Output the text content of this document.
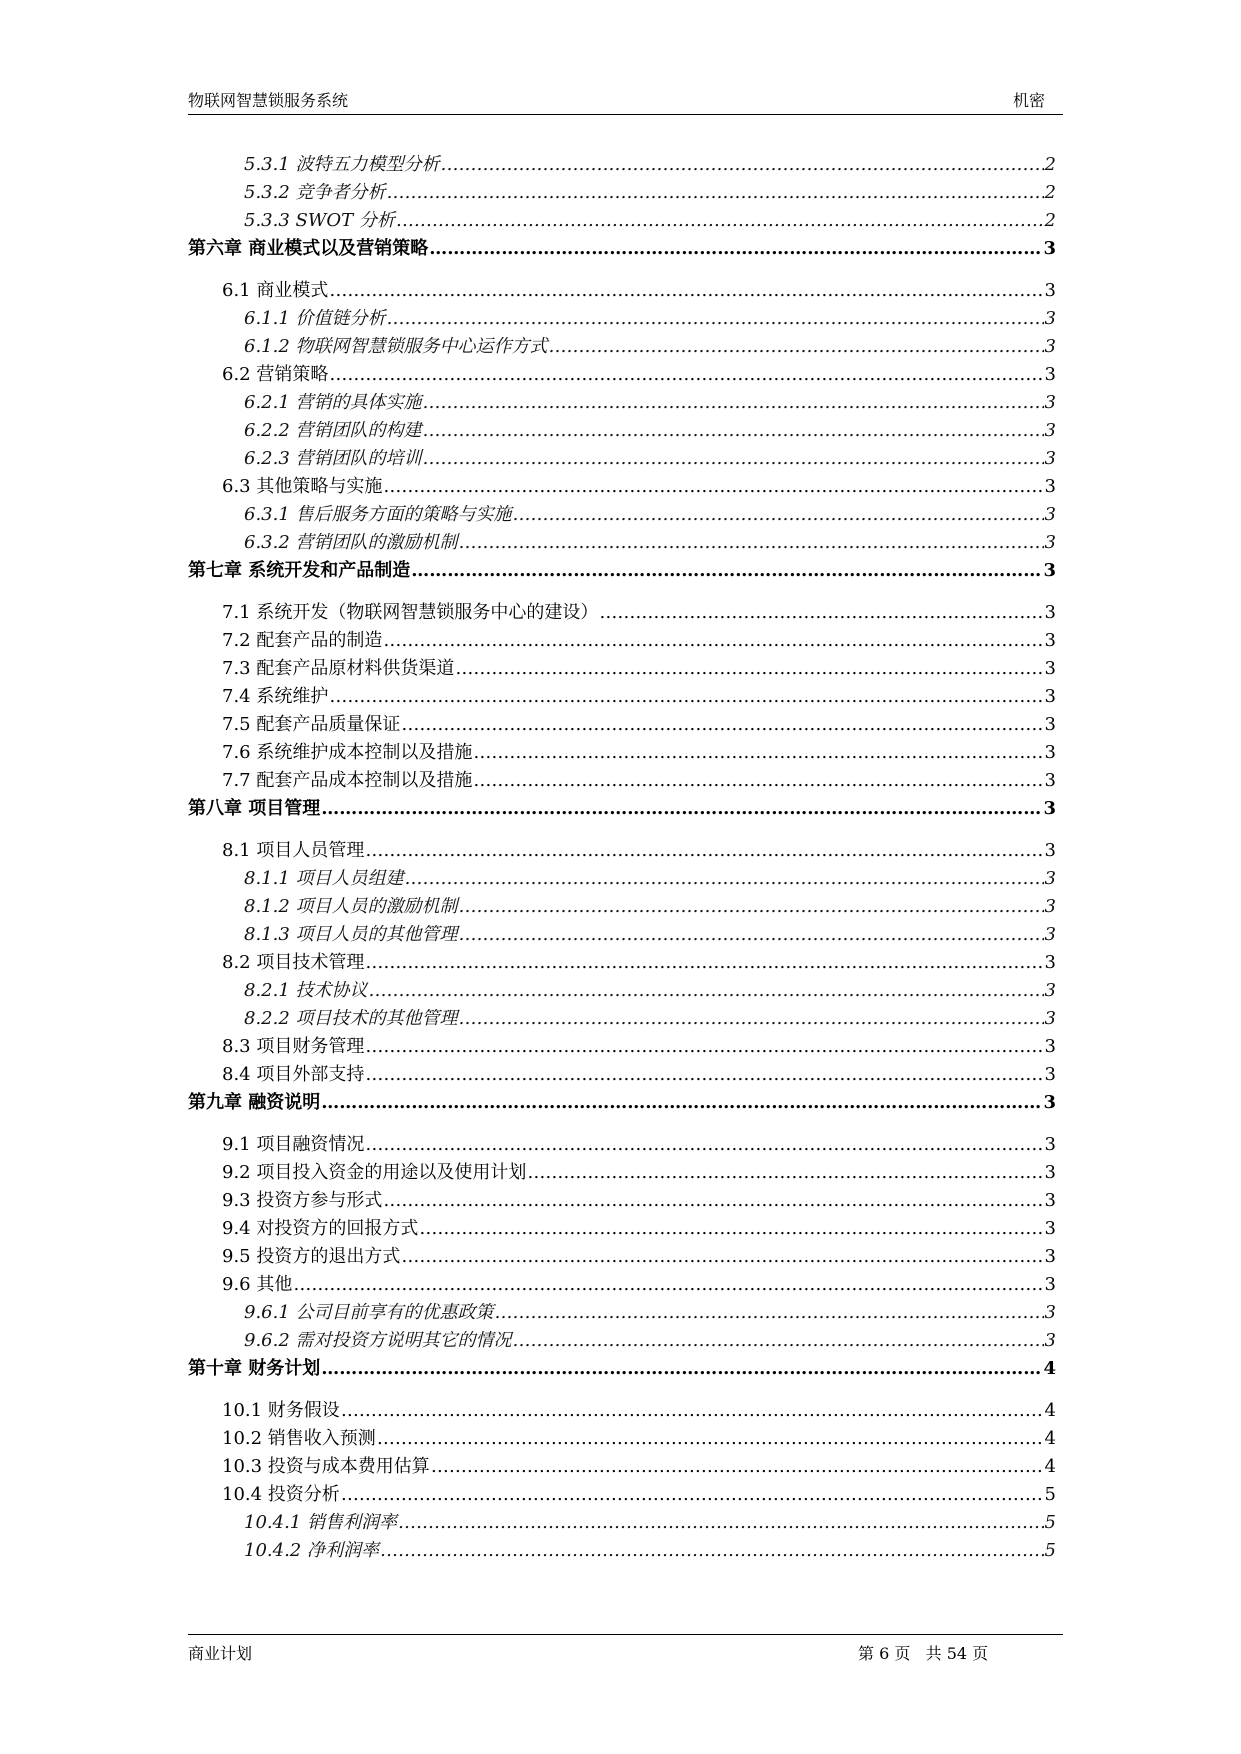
物联网智慧锁服务系统	机密
5.3.1 波特五力模型分析 ……………………………………………………………………………………………………………………………………………………………………………………………………………………………………	2
5.3.2 竞争者分析 ……………………………………………………………………………………………………………………………………………………………………………………………………………………………………	2
5.3.3 SWOT 分析 ……………………………………………………………………………………………………………………………………………………………………………………………………………………………………	2
第六章 商业模式以及营销策略 ……………………………………………………………………………………………………………………………………………………………………………………………………………………………………	3
6.1 商业模式 ……………………………………………………………………………………………………………………………………………………………………………………………………………………………………	3
6.1.1 价值链分析 ……………………………………………………………………………………………………………………………………………………………………………………………………………………………………	3
6.1.2 物联网智慧锁服务中心运作方式 ……………………………………………………………………………………………………………………………………………………………………………………………………………………………………	3
6.2 营销策略 ……………………………………………………………………………………………………………………………………………………………………………………………………………………………………	3
6.2.1 营销的具体实施 ……………………………………………………………………………………………………………………………………………………………………………………………………………………………………	3
6.2.2 营销团队的构建 ……………………………………………………………………………………………………………………………………………………………………………………………………………………………………	3
6.2.3 营销团队的培训 ……………………………………………………………………………………………………………………………………………………………………………………………………………………………………	3
6.3 其他策略与实施 ……………………………………………………………………………………………………………………………………………………………………………………………………………………………………	3
6.3.1 售后服务方面的策略与实施 ……………………………………………………………………………………………………………………………………………………………………………………………………………………………………	3
6.3.2 营销团队的激励机制 ……………………………………………………………………………………………………………………………………………………………………………………………………………………………………	3
第七章 系统开发和产品制造 ……………………………………………………………………………………………………………………………………………………………………………………………………………………………………	3
7.1 系统开发（物联网智慧锁服务中心的建设） ……………………………………………………………………………………………………………………………………………………………………………………………………………………………………	3
7.2 配套产品的制造 ……………………………………………………………………………………………………………………………………………………………………………………………………………………………………	3
7.3 配套产品原材料供货渠道 ……………………………………………………………………………………………………………………………………………………………………………………………………………………………………	3
7.4 系统维护 ……………………………………………………………………………………………………………………………………………………………………………………………………………………………………	3
7.5 配套产品质量保证 ……………………………………………………………………………………………………………………………………………………………………………………………………………………………………	3
7.6 系统维护成本控制以及措施 ……………………………………………………………………………………………………………………………………………………………………………………………………………………………………	3
7.7 配套产品成本控制以及措施 ……………………………………………………………………………………………………………………………………………………………………………………………………………………………………	3
第八章 项目管理 ……………………………………………………………………………………………………………………………………………………………………………………………………………………………………	3
8.1 项目人员管理 ……………………………………………………………………………………………………………………………………………………………………………………………………………………………………	3
8.1.1 项目人员组建 ……………………………………………………………………………………………………………………………………………………………………………………………………………………………………	3
8.1.2 项目人员的激励机制 ……………………………………………………………………………………………………………………………………………………………………………………………………………………………………	3
8.1.3 项目人员的其他管理 ……………………………………………………………………………………………………………………………………………………………………………………………………………………………………	3
8.2 项目技术管理 ……………………………………………………………………………………………………………………………………………………………………………………………………………………………………	3
8.2.1 技术协议 ……………………………………………………………………………………………………………………………………………………………………………………………………………………………………	3
8.2.2 项目技术的其他管理 ……………………………………………………………………………………………………………………………………………………………………………………………………………………………………	3
8.3 项目财务管理 ……………………………………………………………………………………………………………………………………………………………………………………………………………………………………	3
8.4 项目外部支持 ……………………………………………………………………………………………………………………………………………………………………………………………………………………………………	3
第九章 融资说明 ……………………………………………………………………………………………………………………………………………………………………………………………………………………………………	3
9.1 项目融资情况 ……………………………………………………………………………………………………………………………………………………………………………………………………………………………………	3
9.2 项目投入资金的用途以及使用计划 ……………………………………………………………………………………………………………………………………………………………………………………………………………………………………	3
9.3 投资方参与形式 ……………………………………………………………………………………………………………………………………………………………………………………………………………………………………	3
9.4 对投资方的回报方式 ……………………………………………………………………………………………………………………………………………………………………………………………………………………………………	3
9.5 投资方的退出方式 ……………………………………………………………………………………………………………………………………………………………………………………………………………………………………	3
9.6 其他 ……………………………………………………………………………………………………………………………………………………………………………………………………………………………………	3
9.6.1 公司目前享有的优惠政策 ……………………………………………………………………………………………………………………………………………………………………………………………………………………………………	3
9.6.2 需对投资方说明其它的情况 ……………………………………………………………………………………………………………………………………………………………………………………………………………………………………	3
第十章 财务计划 ……………………………………………………………………………………………………………………………………………………………………………………………………………………………………	4
10.1 财务假设 ……………………………………………………………………………………………………………………………………………………………………………………………………………………………………	4
10.2 销售收入预测 ……………………………………………………………………………………………………………………………………………………………………………………………………………………………………	4
10.3 投资与成本费用估算 ……………………………………………………………………………………………………………………………………………………………………………………………………………………………………	4
10.4 投资分析 ……………………………………………………………………………………………………………………………………………………………………………………………………………………………………	5
10.4.1 销售利润率 ……………………………………………………………………………………………………………………………………………………………………………………………………………………………………	5
10.4.2 净利润率 ……………………………………………………………………………………………………………………………………………………………………………………………………………………………………	5
商业计划	第 6 页   共 54 页
